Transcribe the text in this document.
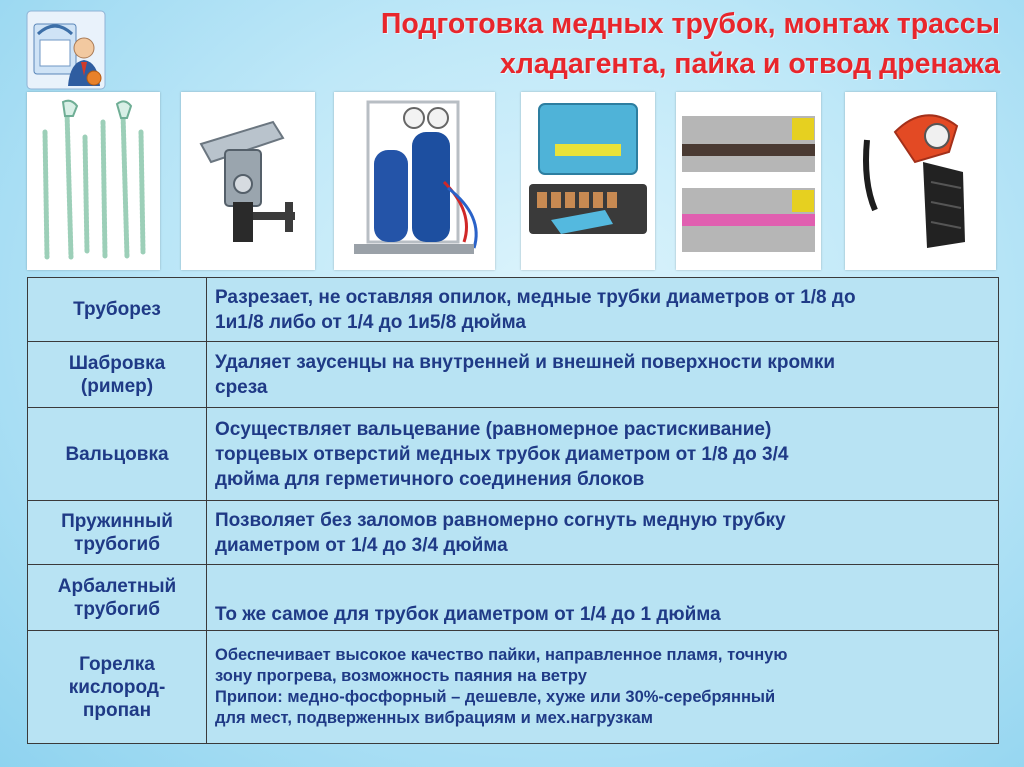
Подготовка медных трубок, монтаж трассы
хладагента, пайка и отвод дренажа
Труборез	Разрезает, не оставляя опилок, медные трубки диаметров от 1/8 до
1и1/8 либо от 1/4 до 1и5/8 дюйма

Шабровка (ример)	Удаляет заусенцы на внутренней и внешней поверхности кромки
среза

Вальцовка	Осуществляет вальцевание (равномерное растискивание)
торцевых отверстий медных трубок диаметром от 1/8 до 3/4
дюйма для герметичного соединения блоков

Пружинный трубогиб	Позволяет без заломов равномерно согнуть медную трубку
диаметром от 1/4 до 3/4 дюйма

Арбалетный трубогиб	То же самое для трубок диаметром от 1/4 до 1 дюйма

Горелка кислород-пропан	Обеспечивает высокое качество пайки, направленное пламя, точную
зону прогрева, возможность паяния на ветру
Припои: медно-фосфорный – дешевле, хуже или 30%-серебрянный
для мест, подверженных вибрациям и мех.нагрузкам
